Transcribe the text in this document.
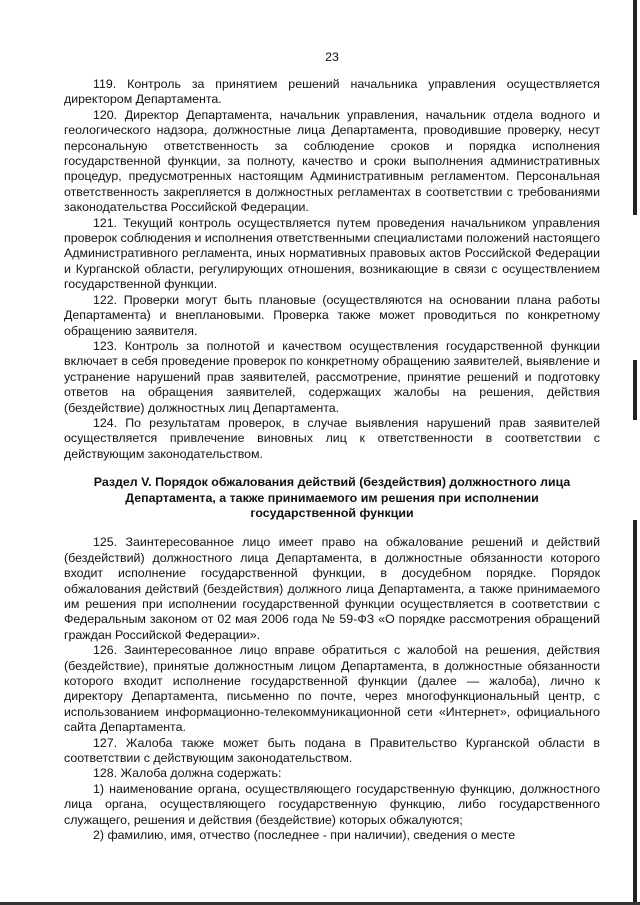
23

119. Контроль за принятием решений начальника управления осуществляется директором Департамента.

120. Директор Департамента, начальник управления, начальник отдела водного и геологического надзора, должностные лица Департамента, проводившие проверку, несут персональную ответственность за соблюдение сроков и порядка исполнения государственной функции, за полноту, качество и сроки выполнения административных процедур, предусмотренных настоящим Административным регламентом. Персональная ответственность закрепляется в должностных регламентах в соответствии с требованиями законодательства Российской Федерации.

121. Текущий контроль осуществляется путем проведения начальником управления проверок соблюдения и исполнения ответственными специалистами положений настоящего Административного регламента, иных нормативных правовых актов Российской Федерации и Курганской области, регулирующих отношения, возникающие в связи с осуществлением государственной функции.

122. Проверки могут быть плановые (осуществляются на основании плана работы Департамента) и внеплановыми. Проверка также может проводиться по конкретному обращению заявителя.

123. Контроль за полнотой и качеством осуществления государственной функции включает в себя проведение проверок по конкретному обращению заявителей, выявление и устранение нарушений прав заявителей, рассмотрение, принятие решений и подготовку ответов на обращения заявителей, содержащих жалобы на решения, действия (бездействие) должностных лиц Департамента.

124. По результатам проверок, в случае выявления нарушений прав заявителей осуществляется привлечение виновных лиц к ответственности в соответствии с действующим законодательством.

Раздел V. Порядок обжалования действий (бездействия) должностного лица Департамента, а также принимаемого им решения при исполнении государственной функции

125. Заинтересованное лицо имеет право на обжалование решений и действий (бездействий) должностного лица Департамента, в должностные обязанности которого входит исполнение государственной функции, в досудебном порядке. Порядок обжалования действий (бездействия) должного лица Департамента, а также принимаемого им решения при исполнении государственной функции осуществляется в соответствии с Федеральным законом от 02 мая 2006 года № 59-ФЗ «О порядке рассмотрения обращений граждан Российской Федерации».

126. Заинтересованное лицо вправе обратиться с жалобой на решения, действия (бездействие), принятые должностным лицом Департамента, в должностные обязанности которого входит исполнение государственной функции (далее — жалоба), лично к директору Департамента, письменно по почте, через многофункциональный центр, с использованием информационно-телекоммуникационной сети «Интернет», официального сайта Департамента.

127. Жалоба также может быть подана в Правительство Курганской области в соответствии с действующим законодательством.

128. Жалоба должна содержать:

1) наименование органа, осуществляющего государственную функцию, должностного лица органа, осуществляющего государственную функцию, либо государственного служащего, решения и действия (бездействие) которых обжалуются;

2) фамилию, имя, отчество (последнее - при наличии), сведения о месте
